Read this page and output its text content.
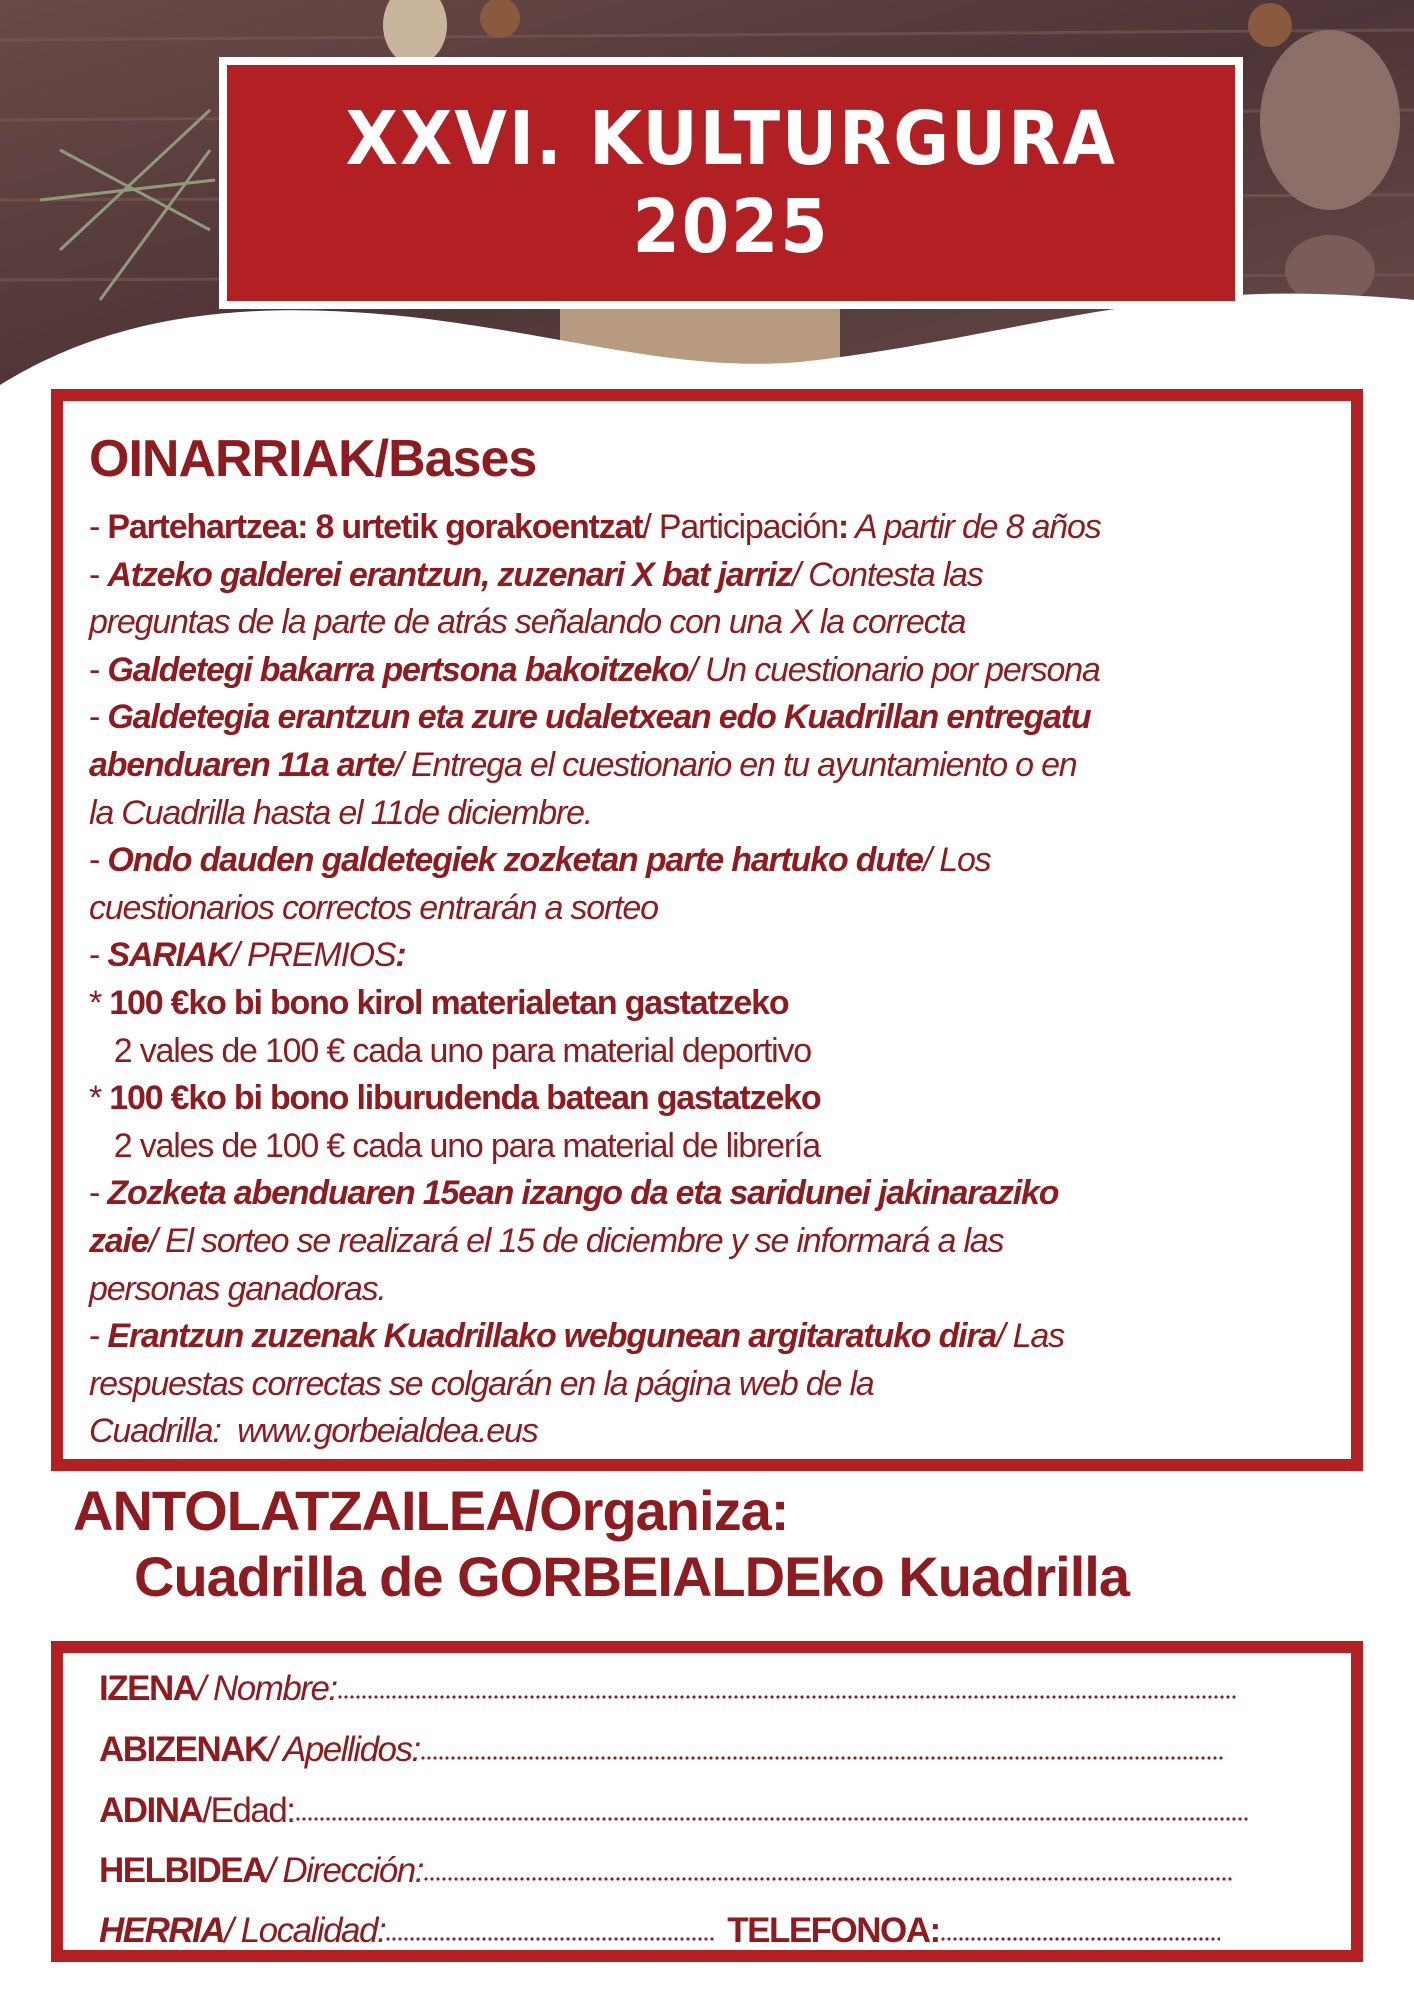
XXVI. KULTURGURA
2025
OINARRIAK/Bases
- Partehartzea: 8 urtetik gorakoentzat/ Participación: A partir de 8 años
- Atzeko galderei erantzun, zuzenari X bat jarriz/ Contesta las
preguntas de la parte de atrás señalando con una X la correcta
- Galdetegi bakarra pertsona bakoitzeko/ Un cuestionario por persona
- Galdetegia erantzun eta zure udaletxean edo Kuadrillan entregatu
abenduaren 11a arte/ Entrega el cuestionario en tu ayuntamiento o en
la Cuadrilla hasta el 11de diciembre.
- Ondo dauden galdetegiek zozketan parte hartuko dute/ Los
cuestionarios correctos entrarán a sorteo
- SARIAK/ PREMIOS:
* 100 €ko bi bono kirol materialetan gastatzeko
2 vales de 100 € cada uno para material deportivo
* 100 €ko bi bono liburudenda batean gastatzeko
2 vales de 100 € cada uno para material de librería
- Zozketa abenduaren 15ean izango da eta saridunei jakinaraziko
zaie/ El sorteo se realizará el 15 de diciembre y se informará a las
personas ganadoras.
- Erantzun zuzenak Kuadrillako webgunean argitaratuko dira/ Las
respuestas correctas se colgarán en la página web de la
Cuadrilla:  www.gorbeialdea.eus
ANTOLATZAILEA/Organiza:
Cuadrilla de GORBEIALDEko Kuadrilla
IZENA / Nombre:
ABIZENAK / Apellidos:
ADINA /Edad:
HELBIDEA / Dirección:
HERRIA / Localidad:	TELEFONOA:
